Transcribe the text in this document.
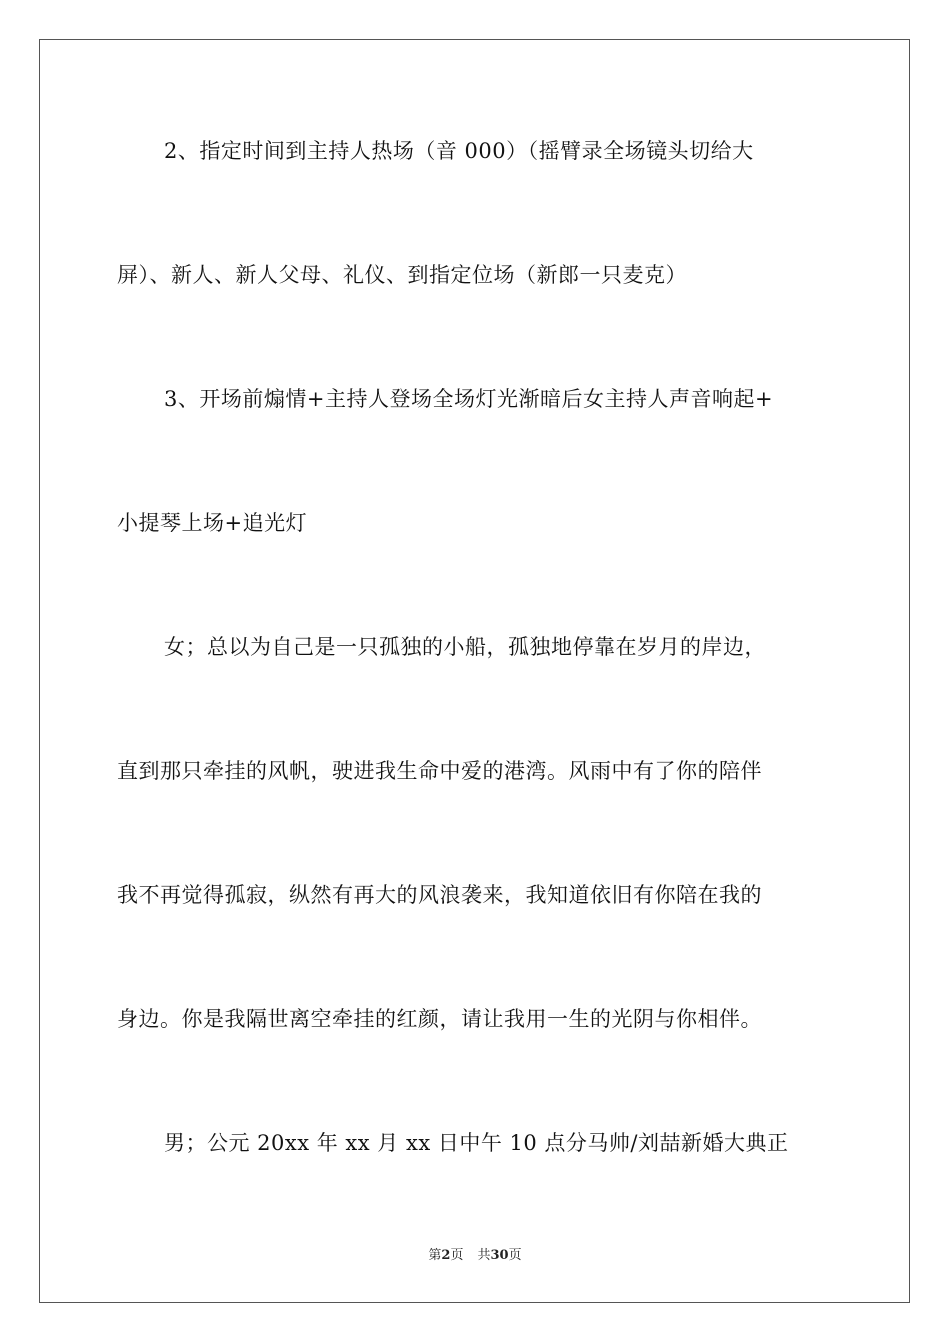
2、指定时间到主持人热场（音 000）（摇臂录全场镜头切给大
屏）、新人、新人父母、礼仪、到指定位场（新郎一只麦克）
3、开场前煽情+主持人登场全场灯光渐暗后女主持人声音响起+
小提琴上场+追光灯
女；总以为自己是一只孤独的小船，孤独地停靠在岁月的岸边，
直到那只牵挂的风帆，驶进我生命中爱的港湾。风雨中有了你的陪伴
我不再觉得孤寂，纵然有再大的风浪袭来，我知道依旧有你陪在我的
身边。你是我隔世离空牵挂的红颜，请让我用一生的光阴与你相伴。
男；公元 20xx 年 xx 月 xx 日中午 10 点分马帅/刘喆新婚大典正
第2页 共30页
